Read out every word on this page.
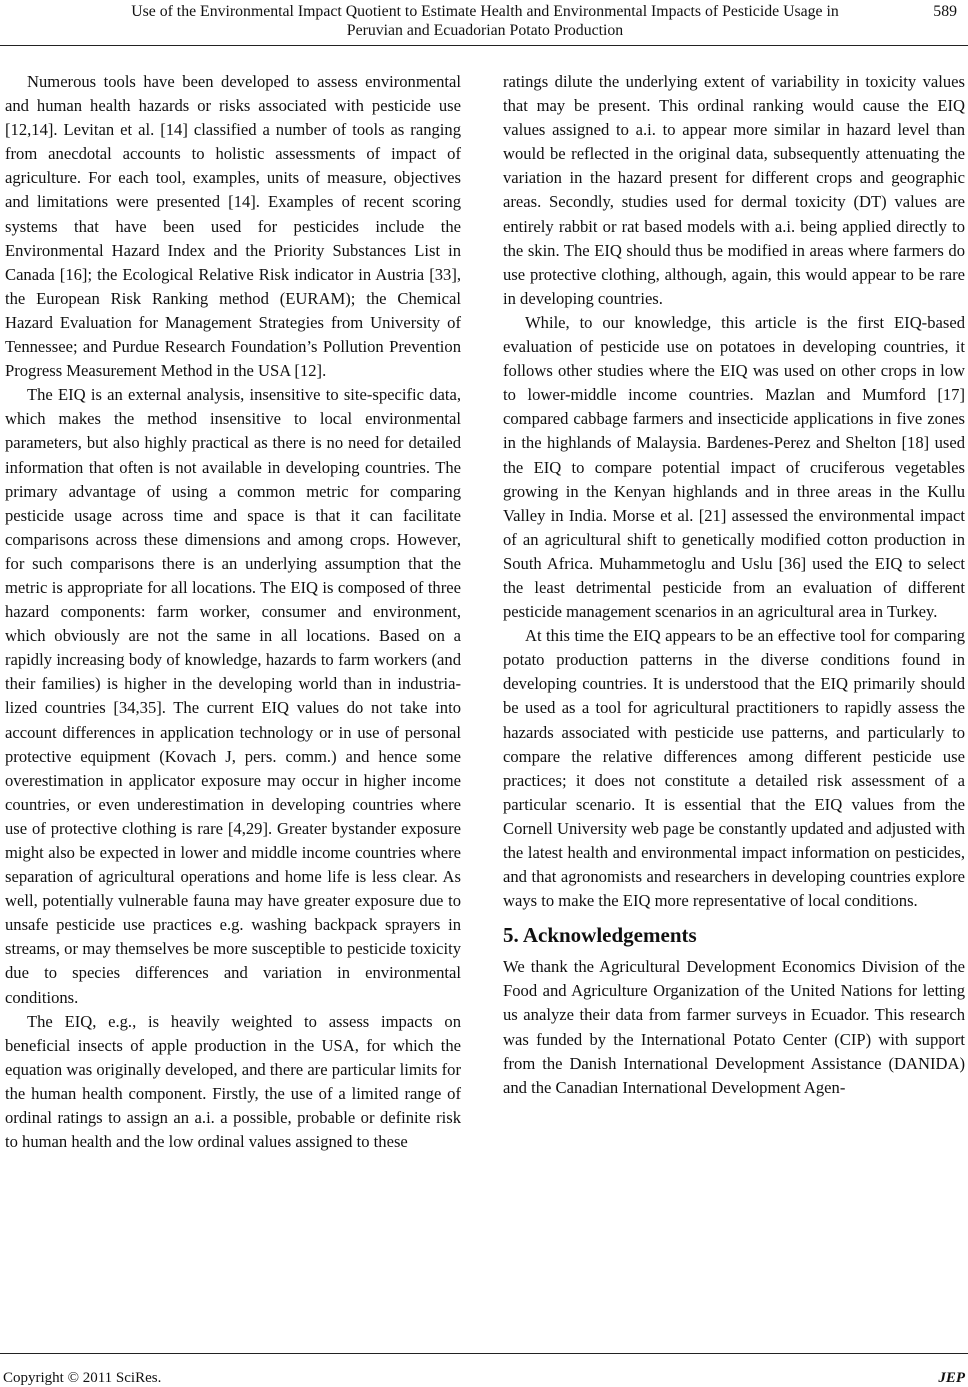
Use of the Environmental Impact Quotient to Estimate Health and Environmental Impacts of Pesticide Usage in
Peruvian and Ecuadorian Potato Production
589

Numerous tools have been developed to assess environmental and human health hazards or risks associated with pesticide use [12,14]. Levitan et al. [14] classified a number of tools as ranging from anecdotal accounts to holistic assessments of impact of agriculture. For each tool, examples, units of measure, objectives and limitations were presented [14]. Examples of recent scoring systems that have been used for pesticides include the Environmental Hazard Index and the Priority Substances List in Canada [16]; the Ecological Relative Risk indicator in Austria [33], the European Risk Ranking method (EURAM); the Chemical Hazard Evaluation for Management Strategies from University of Tennessee; and Purdue Research Foundation’s Pollution Prevention Progress Measurement Method in the USA [12].

The EIQ is an external analysis, insensitive to site-specific data, which makes the method insensitive to local environmental parameters, but also highly practical as there is no need for detailed information that often is not available in developing countries. The primary advantage of using a common metric for comparing pesticide usage across time and space is that it can facilitate comparisons across these dimensions and among crops. However, for such comparisons there is an underlying assumption that the metric is appropriate for all locations. The EIQ is composed of three hazard components: farm worker, consumer and environment, which obviously are not the same in all locations. Based on a rapidly increasing body of knowledge, hazards to farm workers (and their families) is higher in the developing world than in industrialized countries [34,35]. The current EIQ values do not take into account differences in application technology or in use of personal protective equipment (Kovach J, pers. comm.) and hence some overestimation in applicator exposure may occur in higher income countries, or even underestimation in developing countries where use of protective clothing is rare [4,29]. Greater bystander exposure might also be expected in lower and middle income countries where separation of agricultural operations and home life is less clear. As well, potentially vulnerable fauna may have greater exposure due to unsafe pesticide use practices e.g. washing backpack sprayers in streams, or may themselves be more susceptible to pesticide toxicity due to species differences and variation in environmental conditions.

The EIQ, e.g., is heavily weighted to assess impacts on beneficial insects of apple production in the USA, for which the equation was originally developed, and there are particular limits for the human health component. Firstly, the use of a limited range of ordinal ratings to assign an a.i. a possible, probable or definite risk to human health and the low ordinal values assigned to these

ratings dilute the underlying extent of variability in toxicity values that may be present. This ordinal ranking would cause the EIQ values assigned to a.i. to appear more similar in hazard level than would be reflected in the original data, subsequently attenuating the variation in the hazard present for different crops and geographic areas. Secondly, studies used for dermal toxicity (DT) values are entirely rabbit or rat based models with a.i. being applied directly to the skin. The EIQ should thus be modified in areas where farmers do use protective clothing, although, again, this would appear to be rare in developing countries.

While, to our knowledge, this article is the first EIQ-based evaluation of pesticide use on potatoes in developing countries, it follows other studies where the EIQ was used on other crops in low to lower-middle income countries. Mazlan and Mumford [17] compared cabbage farmers and insecticide applications in five zones in the highlands of Malaysia. Bardenes-Perez and Shelton [18] used the EIQ to compare potential impact of cruciferous vegetables growing in the Kenyan highlands and in three areas in the Kullu Valley in India. Morse et al. [21] assessed the environmental impact of an agricultural shift to genetically modified cotton production in South Africa. Muhammetoglu and Uslu [36] used the EIQ to select the least detrimental pesticide from an evaluation of different pesticide management scenarios in an agricultural area in Turkey.

At this time the EIQ appears to be an effective tool for comparing potato production patterns in the diverse conditions found in developing countries. It is understood that the EIQ primarily should be used as a tool for agricultural practitioners to rapidly assess the hazards associated with pesticide use patterns, and particularly to compare the relative differences among different pesticide use practices; it does not constitute a detailed risk assessment of a particular scenario. It is essential that the EIQ values from the Cornell University web page be constantly updated and adjusted with the latest health and environmental impact information on pesticides, and that agronomists and researchers in developing countries explore ways to make the EIQ more representative of local conditions.

5. Acknowledgements

We thank the Agricultural Development Economics Division of the Food and Agriculture Organization of the United Nations for letting us analyze their data from farmer surveys in Ecuador. This research was funded by the International Potato Center (CIP) with support from the Danish International Development Assistance (DANIDA) and the Canadian International Development Agen-

Copyright © 2011 SciRes.	JEP
